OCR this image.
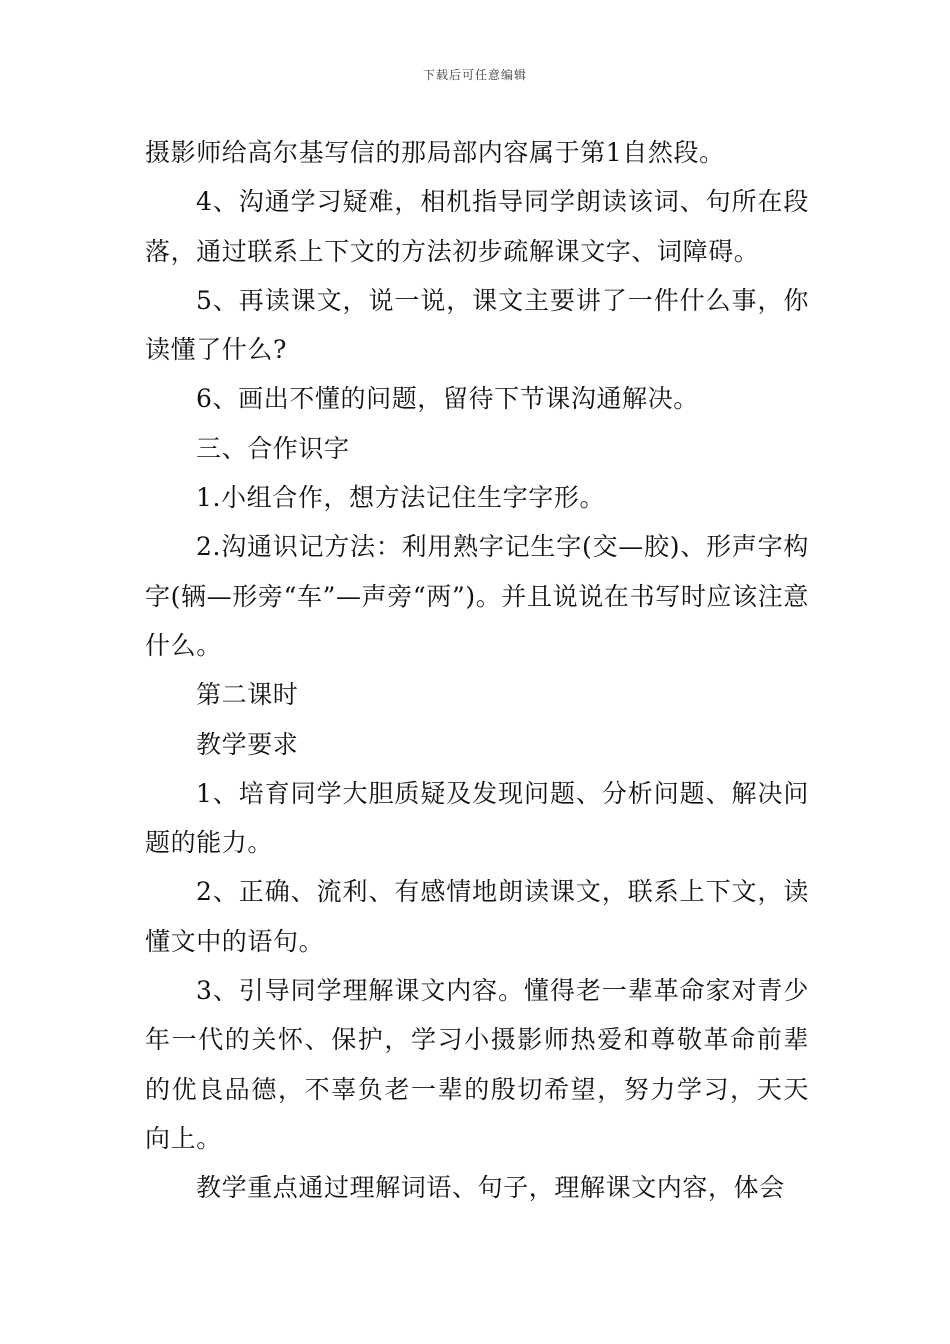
下载后可任意编辑

摄影师给高尔基写信的那局部内容属于第1自然段。

4、沟通学习疑难，相机指导同学朗读该词、句所在段落，通过联系上下文的方法初步疏解课文字、词障碍。

5、再读课文，说一说，课文主要讲了一件什么事，你读懂了什么?

6、画出不懂的问题，留待下节课沟通解决。

三、合作识字

1.小组合作，想方法记住生字字形。

2.沟通识记方法：利用熟字记生字(交—胶)、形声字构字(辆—形旁“车”—声旁“两”)。并且说说在书写时应该注意什么。

第二课时

教学要求

1、培育同学大胆质疑及发现问题、分析问题、解决问题的能力。

2、正确、流利、有感情地朗读课文，联系上下文，读懂文中的语句。

3、引导同学理解课文内容。懂得老一辈革命家对青少年一代的关怀、保护，学习小摄影师热爱和尊敬革命前辈的优良品德，不辜负老一辈的殷切希望，努力学习，天天向上。

教学重点通过理解词语、句子，理解课文内容，体会
